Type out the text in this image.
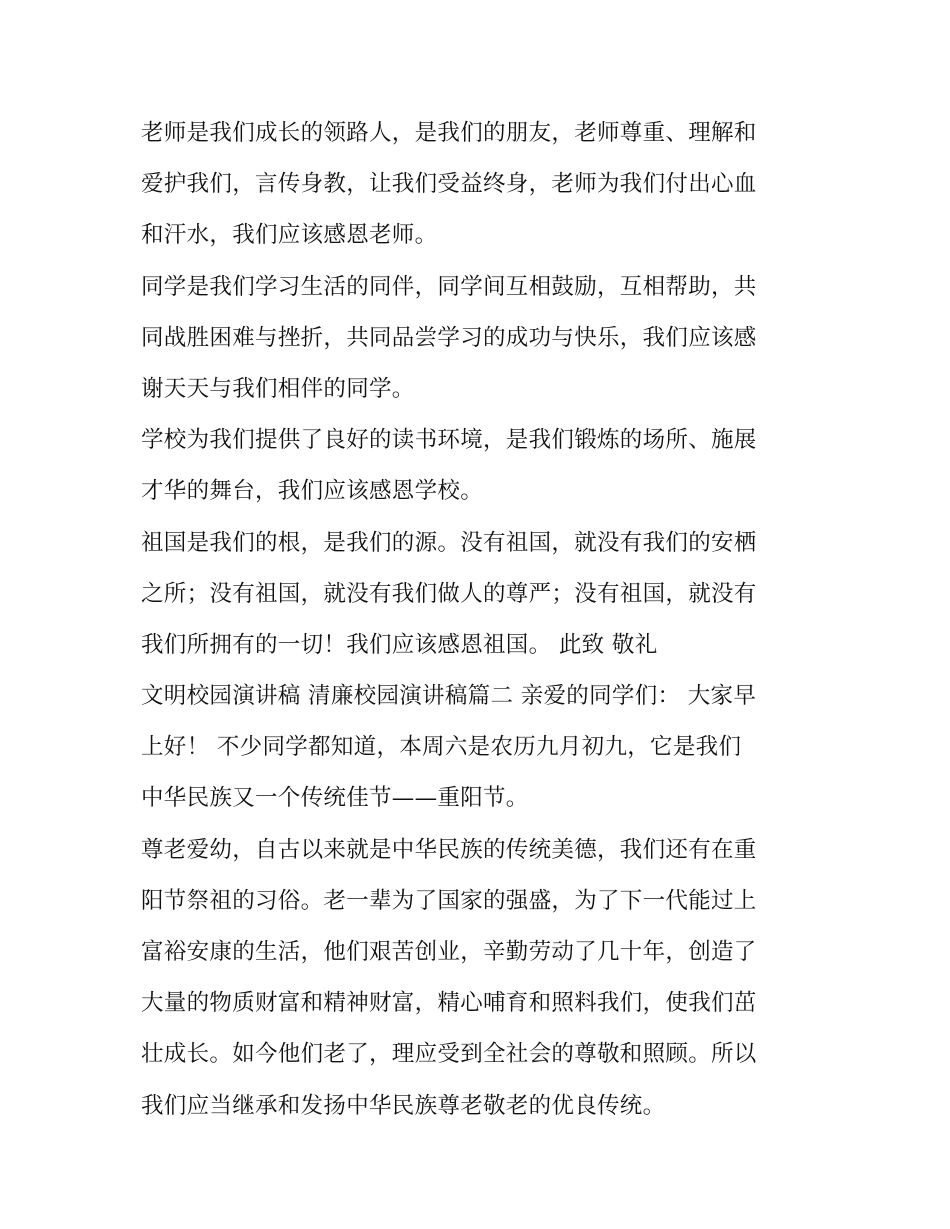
老师是我们成长的领路人，是我们的朋友，老师尊重、理解和
爱护我们，言传身教，让我们受益终身，老师为我们付出心血
和汗水，我们应该感恩老师。
同学是我们学习生活的同伴，同学间互相鼓励，互相帮助，共
同战胜困难与挫折，共同品尝学习的成功与快乐，我们应该感
谢天天与我们相伴的同学。
学校为我们提供了良好的读书环境，是我们锻炼的场所、施展
才华的舞台，我们应该感恩学校。
祖国是我们的根，是我们的源。没有祖国，就没有我们的安栖
之所；没有祖国，就没有我们做人的尊严；没有祖国，就没有
我们所拥有的一切！我们应该感恩祖国。 此致 敬礼
文明校园演讲稿 清廉校园演讲稿篇二 亲爱的同学们： 大家早
上好！ 不少同学都知道，本周六是农历九月初九，它是我们
中华民族又一个传统佳节——重阳节。
尊老爱幼，自古以来就是中华民族的传统美德，我们还有在重
阳节祭祖的习俗。老一辈为了国家的强盛，为了下一代能过上
富裕安康的生活，他们艰苦创业，辛勤劳动了几十年，创造了
大量的物质财富和精神财富，精心哺育和照料我们，使我们茁
壮成长。如今他们老了，理应受到全社会的尊敬和照顾。所以
我们应当继承和发扬中华民族尊老敬老的优良传统。
